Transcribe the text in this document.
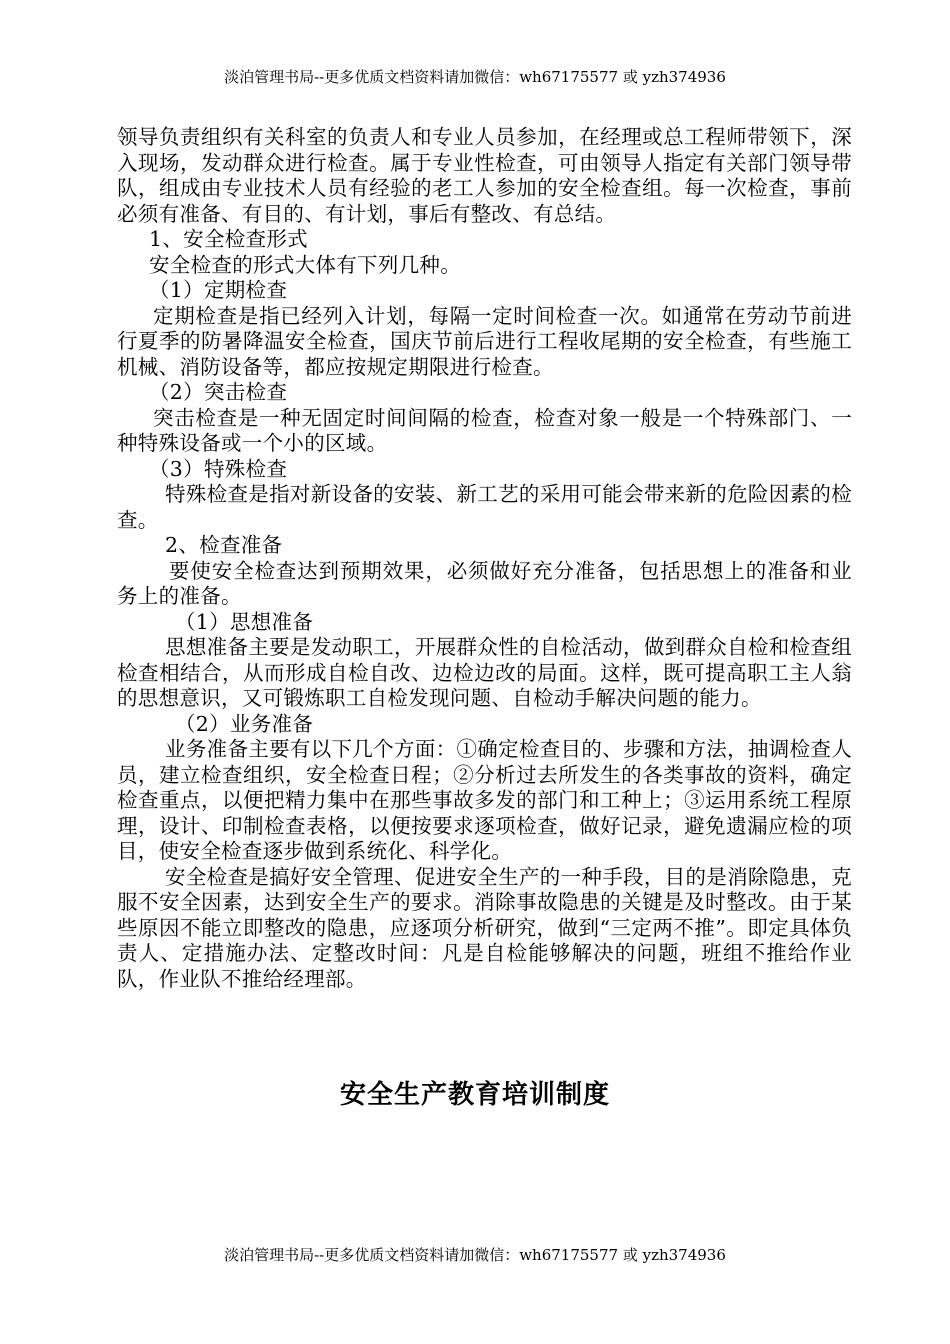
淡泊管理书局--更多优质文档资料请加微信：wh67175577 或 yzh374936

领导负责组织有关科室的负责人和专业人员参加，在经理或总工程师带领下，深入现场，发动群众进行检查。属于专业性检查，可由领导人指定有关部门领导带队，组成由专业技术人员有经验的老工人参加的安全检查组。每一次检查，事前必须有准备、有目的、有计划，事后有整改、有总结。

1、安全检查形式

安全检查的形式大体有下列几种。

（1）定期检查

定期检查是指已经列入计划，每隔一定时间检查一次。如通常在劳动节前进行夏季的防暑降温安全检查，国庆节前后进行工程收尾期的安全检查，有些施工机械、消防设备等，都应按规定期限进行检查。

（2）突击检查

突击检查是一种无固定时间间隔的检查，检查对象一般是一个特殊部门、一种特殊设备或一个小的区域。

（3）特殊检查

特殊检查是指对新设备的安装、新工艺的采用可能会带来新的危险因素的检查。

2、检查准备

要使安全检查达到预期效果，必须做好充分准备，包括思想上的准备和业务上的准备。

（1）思想准备

思想准备主要是发动职工，开展群众性的自检活动，做到群众自检和检查组检查相结合，从而形成自检自改、边检边改的局面。这样，既可提高职工主人翁的思想意识，又可锻炼职工自检发现问题、自检动手解决问题的能力。

（2）业务准备

业务准备主要有以下几个方面：①确定检查目的、步骤和方法，抽调检查人员，建立检查组织，安全检查日程；②分析过去所发生的各类事故的资料，确定检查重点，以便把精力集中在那些事故多发的部门和工种上；③运用系统工程原理，设计、印制检查表格，以便按要求逐项检查，做好记录，避免遗漏应检的项目，使安全检查逐步做到系统化、科学化。

安全检查是搞好安全管理、促进安全生产的一种手段，目的是消除隐患，克服不安全因素，达到安全生产的要求。消除事故隐患的关键是及时整改。由于某些原因不能立即整改的隐患，应逐项分析研究，做到“三定两不推”。即定具体负责人、定措施办法、定整改时间：凡是自检能够解决的问题，班组不推给作业队，作业队不推给经理部。

安全生产教育培训制度
淡泊管理书局--更多优质文档资料请加微信：wh67175577 或 yzh374936
